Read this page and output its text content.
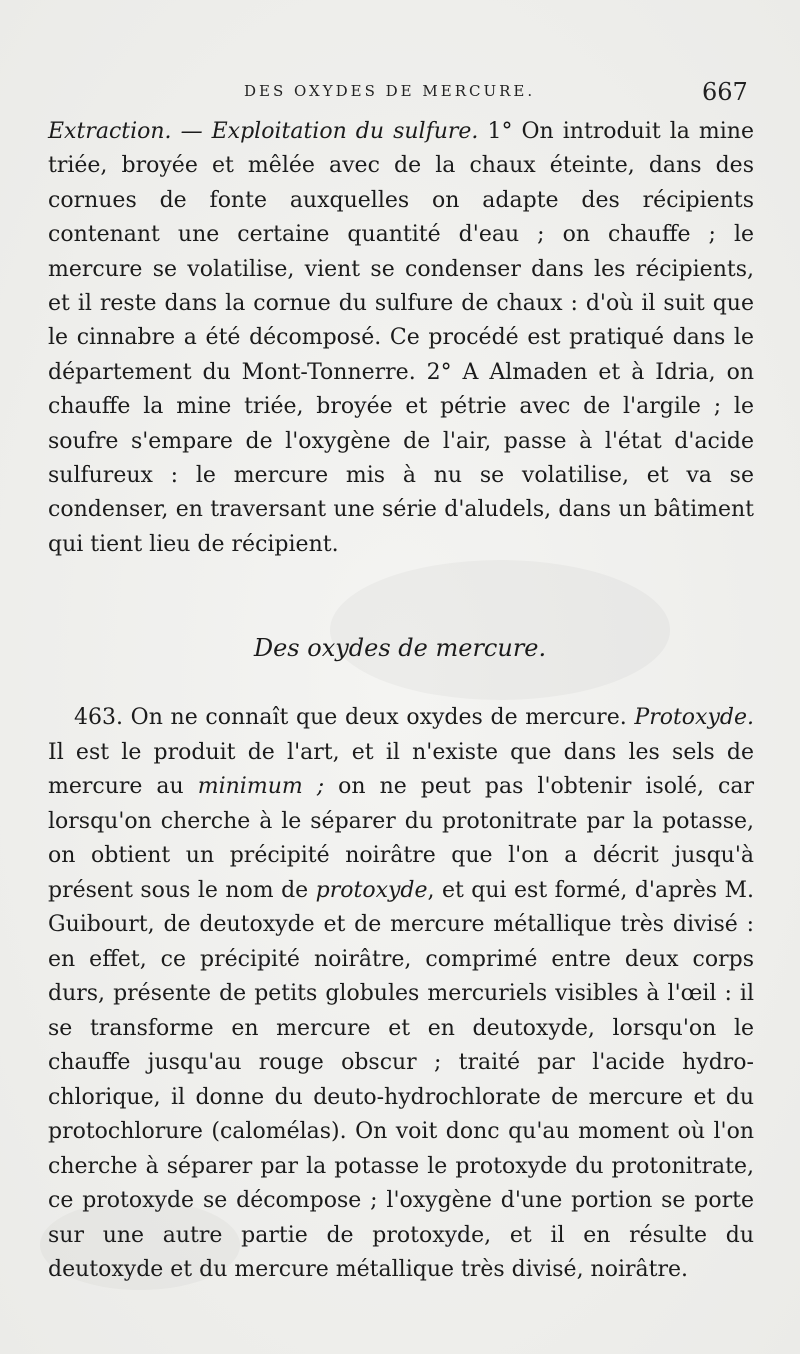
DES OXYDES DE MERCURE.	667

Extraction. — Exploitation du sulfure. 1° On introduit la mine triée, broyée et mêlée avec de la chaux éteinte, dans des cornues de fonte auxquelles on adapte des récipients contenant une certaine quantité d'eau ; on chauffe ; le mercure se volatilise, vient se condenser dans les récipients, et il reste dans la cornue du sulfure de chaux : d'où il suit que le cinnabre a été décomposé. Ce procédé est pratiqué dans le département du Mont-Tonnerre. 2° A Almaden et à Idria, on chauffe la mine triée, broyée et pétrie avec de l'argile ; le soufre s'empare de l'oxygène de l'air, passe à l'état d'acide sulfureux : le mercure mis à nu se volatilise, et va se condenser, en traversant une série d'aludels, dans un bâtiment qui tient lieu de récipient.

Des oxydes de mercure.

463. On ne connaît que deux oxydes de mercure. Protoxyde. Il est le produit de l'art, et il n'existe que dans les sels de mercure au minimum ; on ne peut pas l'obtenir isolé, car lorsqu'on cherche à le séparer du protonitrate par la potasse, on obtient un précipité noirâtre que l'on a décrit jusqu'à présent sous le nom de protoxyde, et qui est formé, d'après M. Guibourt, de deutoxyde et de mercure métallique très divisé : en effet, ce précipité noirâtre, comprimé entre deux corps durs, présente de petits globules mercuriels visibles à l'œil : il se transforme en mercure et en deutoxyde, lorsqu'on le chauffe jusqu'au rouge obscur ; traité par l'acide hydro-chlorique, il donne du deuto-hydrochlorate de mercure et du protochlorure (calomélas). On voit donc qu'au moment où l'on cherche à séparer par la potasse le protoxyde du protonitrate, ce protoxyde se décompose ; l'oxygène d'une portion se porte sur une autre partie de protoxyde, et il en résulte du deutoxyde et du mercure métallique très divisé, noirâtre.
